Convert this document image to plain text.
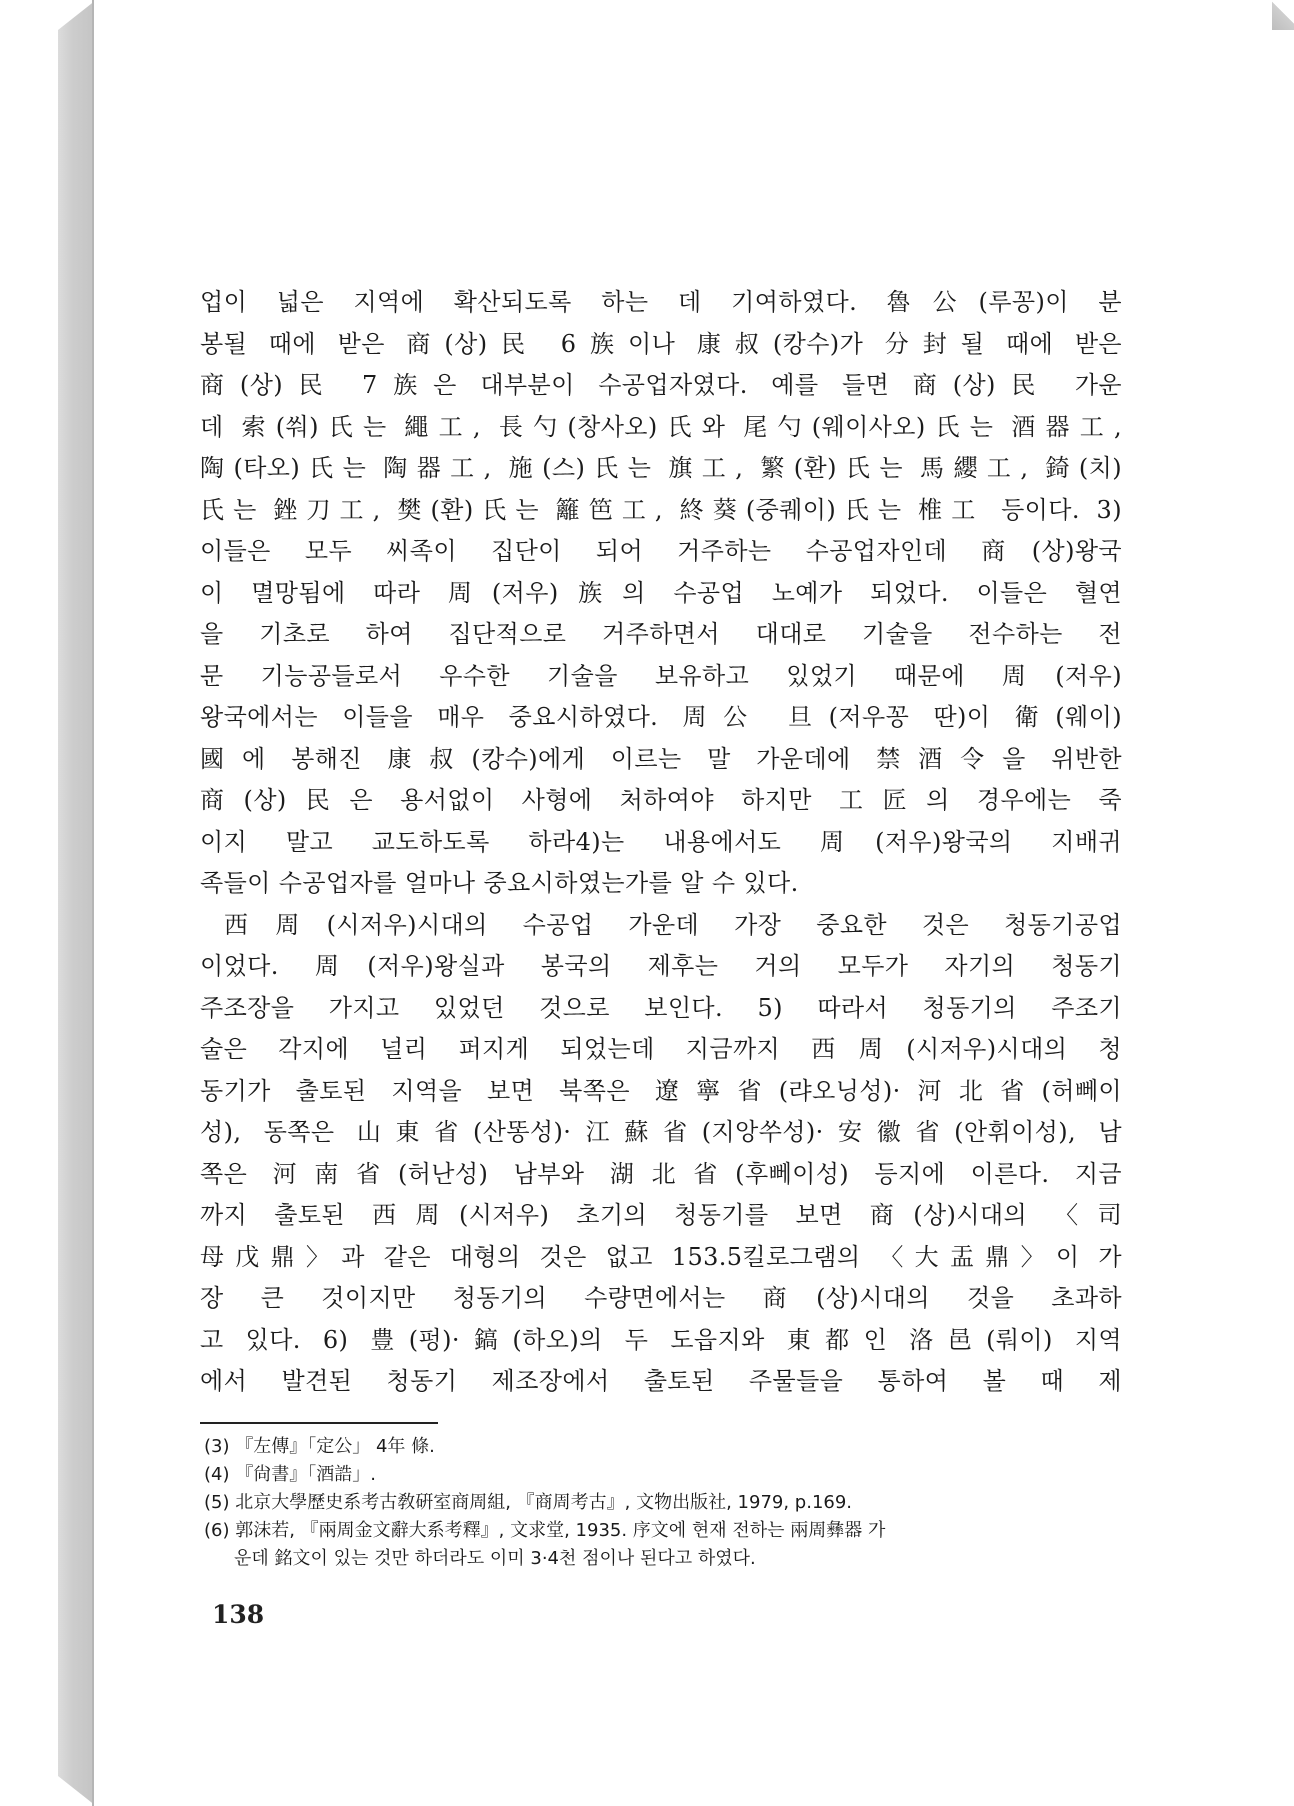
업이 넓은 지역에 확산되도록 하는 데 기여하였다. 魯公(루꽁)이 분
봉될 때에 받은 商(상)民 6族이나 康叔(캉수)가 分封될 때에 받은
商(상)民 7族은 대부분이 수공업자였다. 예를 들면 商(상)民 가운
데 索(쒀)氏는 繩工, 長勺(창사오)氏와 尾勺(웨이사오)氏는 酒器工,
陶(타오)氏는 陶器工, 施(스)氏는 旗工, 繁(환)氏는 馬纓工, 錡(치)
氏는 銼刀工, 樊(환)氏는 籬笆工, 終葵(중퀘이)氏는 椎工 등이다. 3)
이들은 모두 씨족이 집단이 되어 거주하는 수공업자인데 商(상)왕국
이 멸망됨에 따라 周(저우)族의 수공업 노예가 되었다. 이들은 혈연
을 기초로 하여 집단적으로 거주하면서 대대로 기술을 전수하는 전
문 기능공들로서 우수한 기술을 보유하고 있었기 때문에 周(저우)
왕국에서는 이들을 매우 중요시하였다. 周公 旦(저우꽁 딴)이 衛(웨이)
國에 봉해진 康叔(캉수)에게 이르는 말 가운데에 禁酒令을 위반한
商(상)民은 용서없이 사형에 처하여야 하지만 工匠의 경우에는 죽
이지 말고 교도하도록 하라4)는 내용에서도 周(저우)왕국의 지배귀
족들이 수공업자를 얼마나 중요시하였는가를 알 수 있다.
西周(시저우)시대의 수공업 가운데 가장 중요한 것은 청동기공업
이었다. 周(저우)왕실과 봉국의 제후는 거의 모두가 자기의 청동기
주조장을 가지고 있었던 것으로 보인다. 5) 따라서 청동기의 주조기
술은 각지에 널리 퍼지게 되었는데 지금까지 西周(시저우)시대의 청
동기가 출토된 지역을 보면 북쪽은 遼寧省(랴오닝성)·河北省(허뻬이
성), 동쪽은 山東省(산똥성)·江蘇省(지앙쑤성)·安徽省(안휘이성), 남
쪽은 河南省(허난성) 남부와 湖北省(후뻬이성) 등지에 이른다. 지금
까지 출토된 西周(시저우) 초기의 청동기를 보면 商(상)시대의 〈司
母戊鼎〉과 같은 대형의 것은 없고 153.5킬로그램의 〈大盂鼎〉이 가
장 큰 것이지만 청동기의 수량면에서는 商(상)시대의 것을 초과하
고 있다. 6) 豊(펑)·鎬(하오)의 두 도읍지와 東都인 洛邑(뤄이) 지역
에서 발견된 청동기 제조장에서 출토된 주물들을 통하여 볼 때 제
(3) 『左傳』「定公」 4年 條.
(4) 『尙書』「酒誥」.
(5) 北京大學歷史系考古敎硏室商周組, 『商周考古』, 文物出版社, 1979, p.169.
(6) 郭沫若, 『兩周金文辭大系考釋』, 文求堂, 1935. 序文에 현재 전하는 兩周彝器 가
운데 銘文이 있는 것만 하더라도 이미 3·4천 점이나 된다고 하였다.
138
